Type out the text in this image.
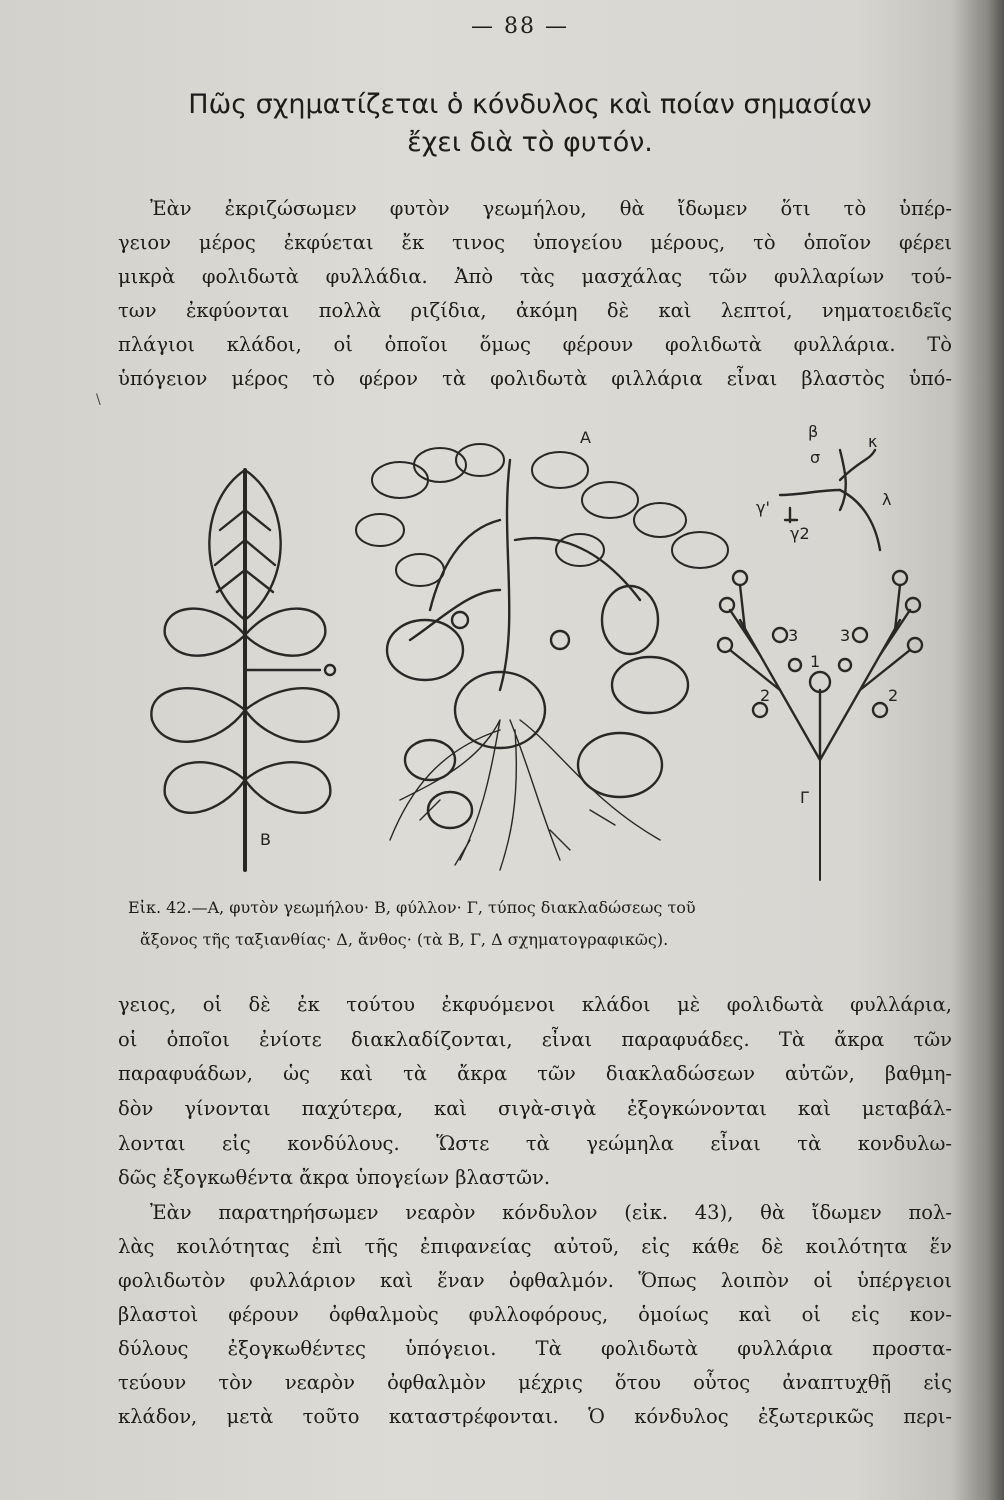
— 88 —
Πῶς σχηματίζεται ὁ κόνδυλος καὶ ποίαν σημασίαν
ἔχει διὰ τὸ φυτόν.
Ἐὰν ἐκριζώσωμεν φυτὸν γεωμήλου, θὰ ἴδωμεν ὅτι τὸ ὑπέρ-
γειον μέρος ἐκφύεται ἔκ τινος ὑπογείου μέρους, τὸ ὁποῖον φέρει
μικρὰ φολιδωτὰ φυλλάδια. Ἀπὸ τὰς μασχάλας τῶν φυλλαρίων τού-
των ἐκφύονται πολλὰ ριζίδια, ἀκόμη δὲ καὶ λεπτοί, νηματοειδεῖς
πλάγιοι κλάδοι, οἱ ὁποῖοι ὅμως φέρουν φολιδωτὰ φυλλάρια. Τὸ
ὑπόγειον μέρος τὸ φέρον τὰ φολιδωτὰ φιλλάρια εἶναι βλαστὸς ὑπό-
\
Α
Β
Γ
β
κ
σ
λ
γ'
γ2
1
2	2
3	3
Εἰκ. 42.—Α, φυτὸν γεωμήλου· Β, φύλλον· Γ, τύπος διακλαδώσεως τοῦ
ἄξονος τῆς ταξιανθίας· Δ, ἄνθος· (τὰ Β, Γ, Δ σχηματογραφικῶς).
γειος, οἱ δὲ ἐκ τούτου ἐκφυόμενοι κλάδοι μὲ φολιδωτὰ φυλλάρια,
οἱ ὁποῖοι ἐνίοτε διακλαδίζονται, εἶναι παραφυάδες. Τὰ ἄκρα τῶν
παραφυάδων, ὡς καὶ τὰ ἄκρα τῶν διακλαδώσεων αὐτῶν, βαθμη-
δὸν γίνονται παχύτερα, καὶ σιγὰ-σιγὰ ἐξογκώνονται καὶ μεταβάλ-
λονται εἰς κονδύλους. Ὥστε τὰ γεώμηλα εἶναι τὰ κονδυλω-
δῶς ἐξογκωθέντα ἄκρα ὑπογείων βλαστῶν.
Ἐὰν παρατηρήσωμεν νεαρὸν κόνδυλον (εἰκ. 43), θὰ ἴδωμεν πολ-
λὰς κοιλότητας ἐπὶ τῆς ἐπιφανείας αὐτοῦ, εἰς κάθε δὲ κοιλότητα ἕν
φολιδωτὸν φυλλάριον καὶ ἕναν ὀφθαλμόν. Ὅπως λοιπὸν οἱ ὑπέργειοι
βλαστοὶ φέρουν ὀφθαλμοὺς φυλλοφόρους, ὁμοίως καὶ οἱ εἰς κον-
δύλους ἐξογκωθέντες ὑπόγειοι. Τὰ φολιδωτὰ φυλλάρια προστα-
τεύουν τὸν νεαρὸν ὀφθαλμὸν μέχρις ὅτου οὗτος ἀναπτυχθῇ εἰς
κλάδον, μετὰ τοῦτο καταστρέφονται. Ὁ κόνδυλος ἐξωτερικῶς περι-
